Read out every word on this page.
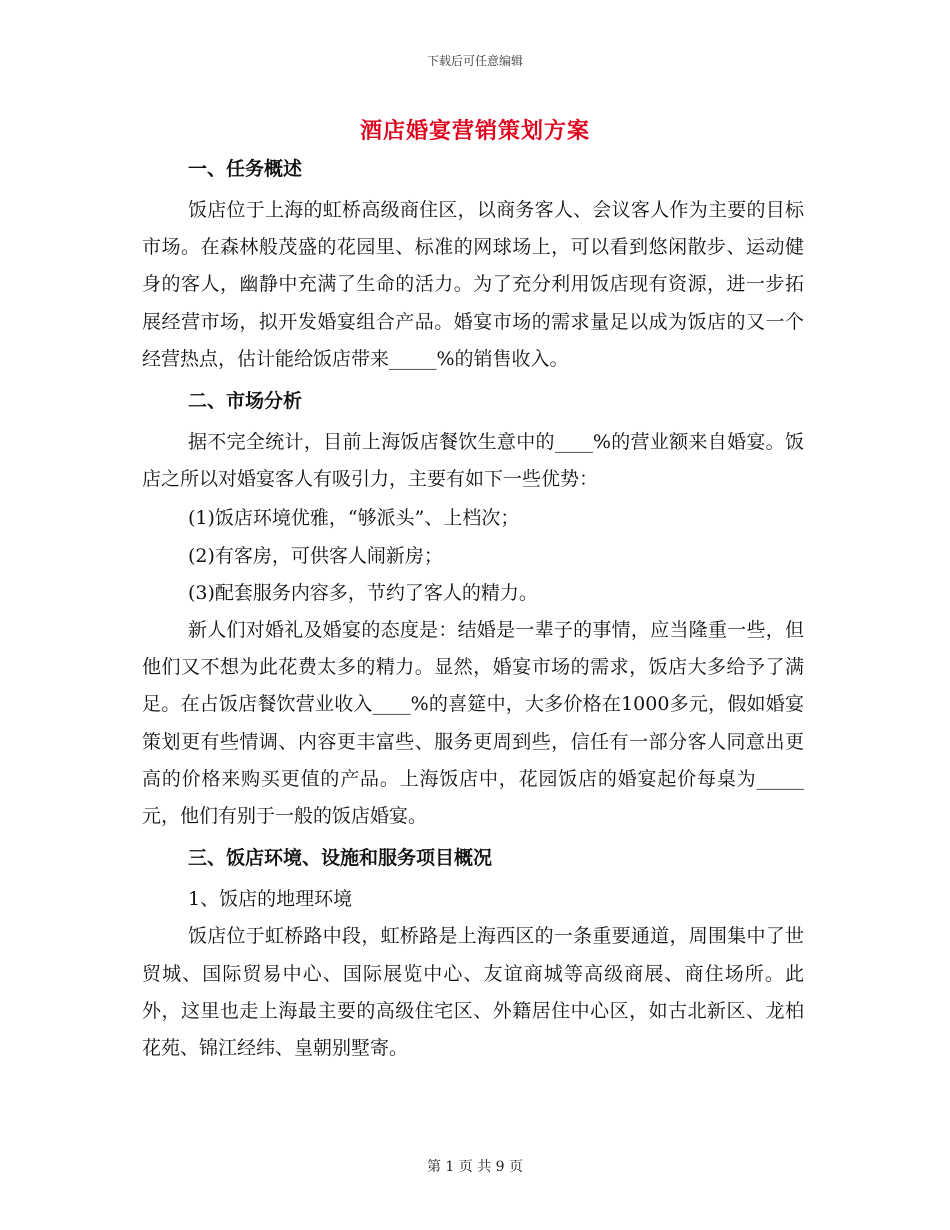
下载后可任意编辑
酒店婚宴营销策划方案
一、任务概述
饭店位于上海的虹桥高级商住区，以商务客人、会议客人作为主要的目标市场。在森林般茂盛的花园里、标准的网球场上，可以看到悠闲散步、运动健身的客人，幽静中充满了生命的活力。为了充分利用饭店现有资源，进一步拓展经营市场，拟开发婚宴组合产品。婚宴市场的需求量足以成为饭店的又一个经营热点，估计能给饭店带来_____%的销售收入。
二、市场分析
据不完全统计，目前上海饭店餐饮生意中的____%的营业额来自婚宴。饭店之所以对婚宴客人有吸引力，主要有如下一些优势：
(1)饭店环境优雅，“够派头”、上档次；
(2)有客房，可供客人闹新房；
(3)配套服务内容多，节约了客人的精力。
新人们对婚礼及婚宴的态度是：结婚是一辈子的事情，应当隆重一些，但他们又不想为此花费太多的精力。显然，婚宴市场的需求，饭店大多给予了满足。在占饭店餐饮营业收入____%的喜筵中，大多价格在1000多元，假如婚宴策划更有些情调、内容更丰富些、服务更周到些，信任有一部分客人同意出更高的价格来购买更值的产品。上海饭店中，花园饭店的婚宴起价每桌为_____元，他们有别于一般的饭店婚宴。
三、饭店环境、设施和服务项目概况
1、饭店的地理环境
饭店位于虹桥路中段，虹桥路是上海西区的一条重要通道，周围集中了世贸城、国际贸易中心、国际展览中心、友谊商城等高级商展、商住场所。此外，这里也走上海最主要的高级住宅区、外籍居住中心区，如古北新区、龙柏花苑、锦江经纬、皇朝别墅寄。
第 1 页 共 9 页
